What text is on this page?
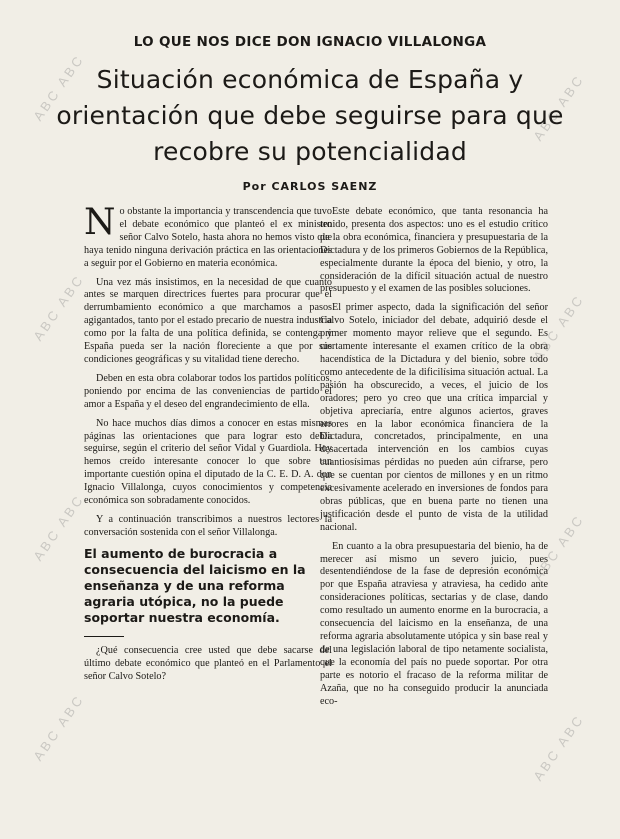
ABC ABC
ABC ABC
ABC ABC
ABC ABC
ABC ABC
ABC ABC
ABC ABC
ABC ABC
LO QUE NOS DICE DON IGNACIO VILLALONGA
Situación económica de España y orientación que debe seguirse para que recobre su potencialidad
Por CARLOS SAENZ

N o obstante la importancia y transcendencia que tuvo el debate económico que planteó el ex ministro señor Calvo Sotelo, hasta ahora no hemos visto que haya tenido ninguna derivación práctica en las orientaciones a seguir por el Gobierno en materia económica.

Una vez más insistimos, en la necesidad de que cuanto antes se marquen directrices fuertes para procurar que el derrumbamiento económico a que marchamos a pasos agigantados, tanto por el estado precario de nuestra industria como por la falta de una política definida, se contenga y España pueda ser la nación floreciente a que por sus condiciones geográficas y su vitalidad tiene derecho.

Deben en esta obra colaborar todos los partidos políticos, poniendo por encima de las conveniencias de partido el amor a España y el deseo del engrandecimiento de ella.

No hace muchos días dimos a conocer en estas mismas páginas las orientaciones que para lograr esto debía seguirse, según el criterio del señor Vidal y Guardiola. Hoy hemos creído interesante conocer lo que sobre tan importante cuestión opina el diputado de la C. E. D. A. don Ignacio Villalonga, cuyos conocimientos y competencia económica son sobradamente conocidos.

Y a continuación transcribimos a nuestros lectores la conversación sostenida con el señor Villalonga.

El aumento de burocracia a consecuencia del laicismo en la enseñanza y de una reforma agraria utópica, no la puede soportar nuestra economía.

¿Qué consecuencia cree usted que debe sacarse del último debate económico que planteó en el Parlamento el señor Calvo Sotelo?

Este debate económico, que tanta resonancia ha tenido, presenta dos aspectos: uno es el estudio crítico de la obra económica, financiera y presupuestaria de la Dictadura y de los primeros Gobiernos de la República, especialmente durante la época del bienio, y otro, la consideración de la difícil situación actual de nuestro presupuesto y el examen de las posibles soluciones.

El primer aspecto, dada la significación del señor Calvo Sotelo, iniciador del debate, adquirió desde el primer momento mayor relieve que el segundo. Es ciertamente interesante el examen crítico de la obra hacendística de la Dictadura y del bienio, sobre todo como antecedente de la dificilísima situación actual. La pasión ha obscurecido, a veces, el juicio de los oradores; pero yo creo que una crítica imparcial y objetiva apreciaría, entre algunos aciertos, graves errores en la labor económica financiera de la Dictadura, concretados, principalmente, en una desacertada intervención en los cambios cuyas cuantiosísimas pérdidas no pueden aún cifrarse, pero que se cuentan por cientos de millones y en un ritmo excesivamente acelerado en inversiones de fondos para obras públicas, que en buena parte no tienen una justificación desde el punto de vista de la utilidad nacional.

En cuanto a la obra presupuestaria del bienio, ha de merecer así mismo un severo juicio, pues desentendiéndose de la fase de depresión económica por que España atraviesa y atraviesa, ha cedido ante consideraciones políticas, sectarias y de clase, dando como resultado un aumento enorme en la burocracia, a consecuencia del laicismo en la enseñanza, de una reforma agraria absolutamente utópica y sin base real y de una legislación laboral de tipo netamente socialista, que la economía del país no puede soportar. Por otra parte es notorio el fracaso de la reforma militar de Azaña, que no ha conseguido producir la anunciada eco-
